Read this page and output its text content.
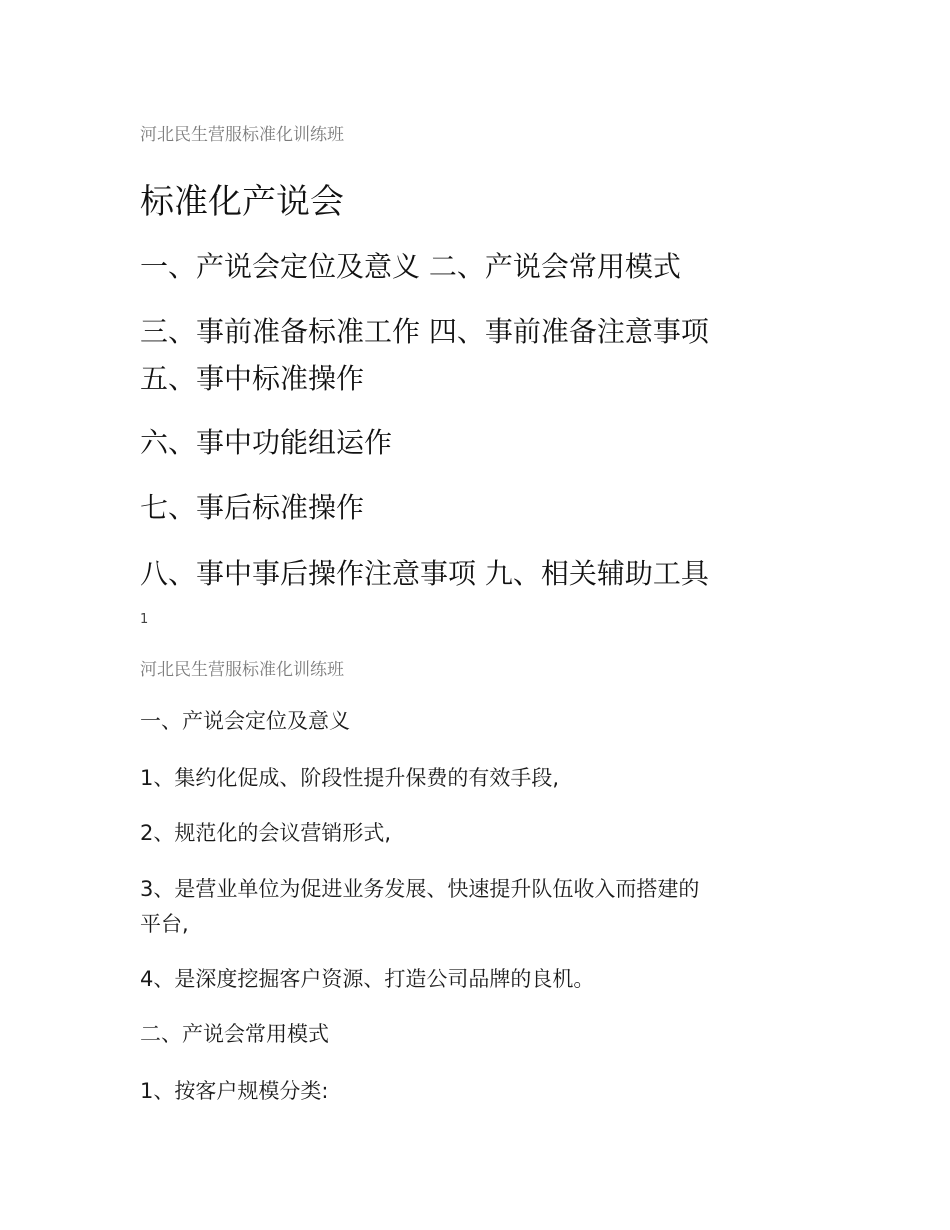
河北民生营服标准化训练班

标准化产说会

一、产说会定位及意义 二、产说会常用模式

三、事前准备标准工作 四、事前准备注意事项

五、事中标准操作

六、事中功能组运作

七、事后标准操作

八、事中事后操作注意事项 九、相关辅助工具

1

河北民生营服标准化训练班

一、产说会定位及意义

1、集约化促成、阶段性提升保费的有效手段,

2、规范化的会议营销形式,

3、是营业单位为促进业务发展、快速提升队伍收入而搭建的

平台,

4、是深度挖掘客户资源、打造公司品牌的良机。

二、产说会常用模式

1、按客户规模分类:
